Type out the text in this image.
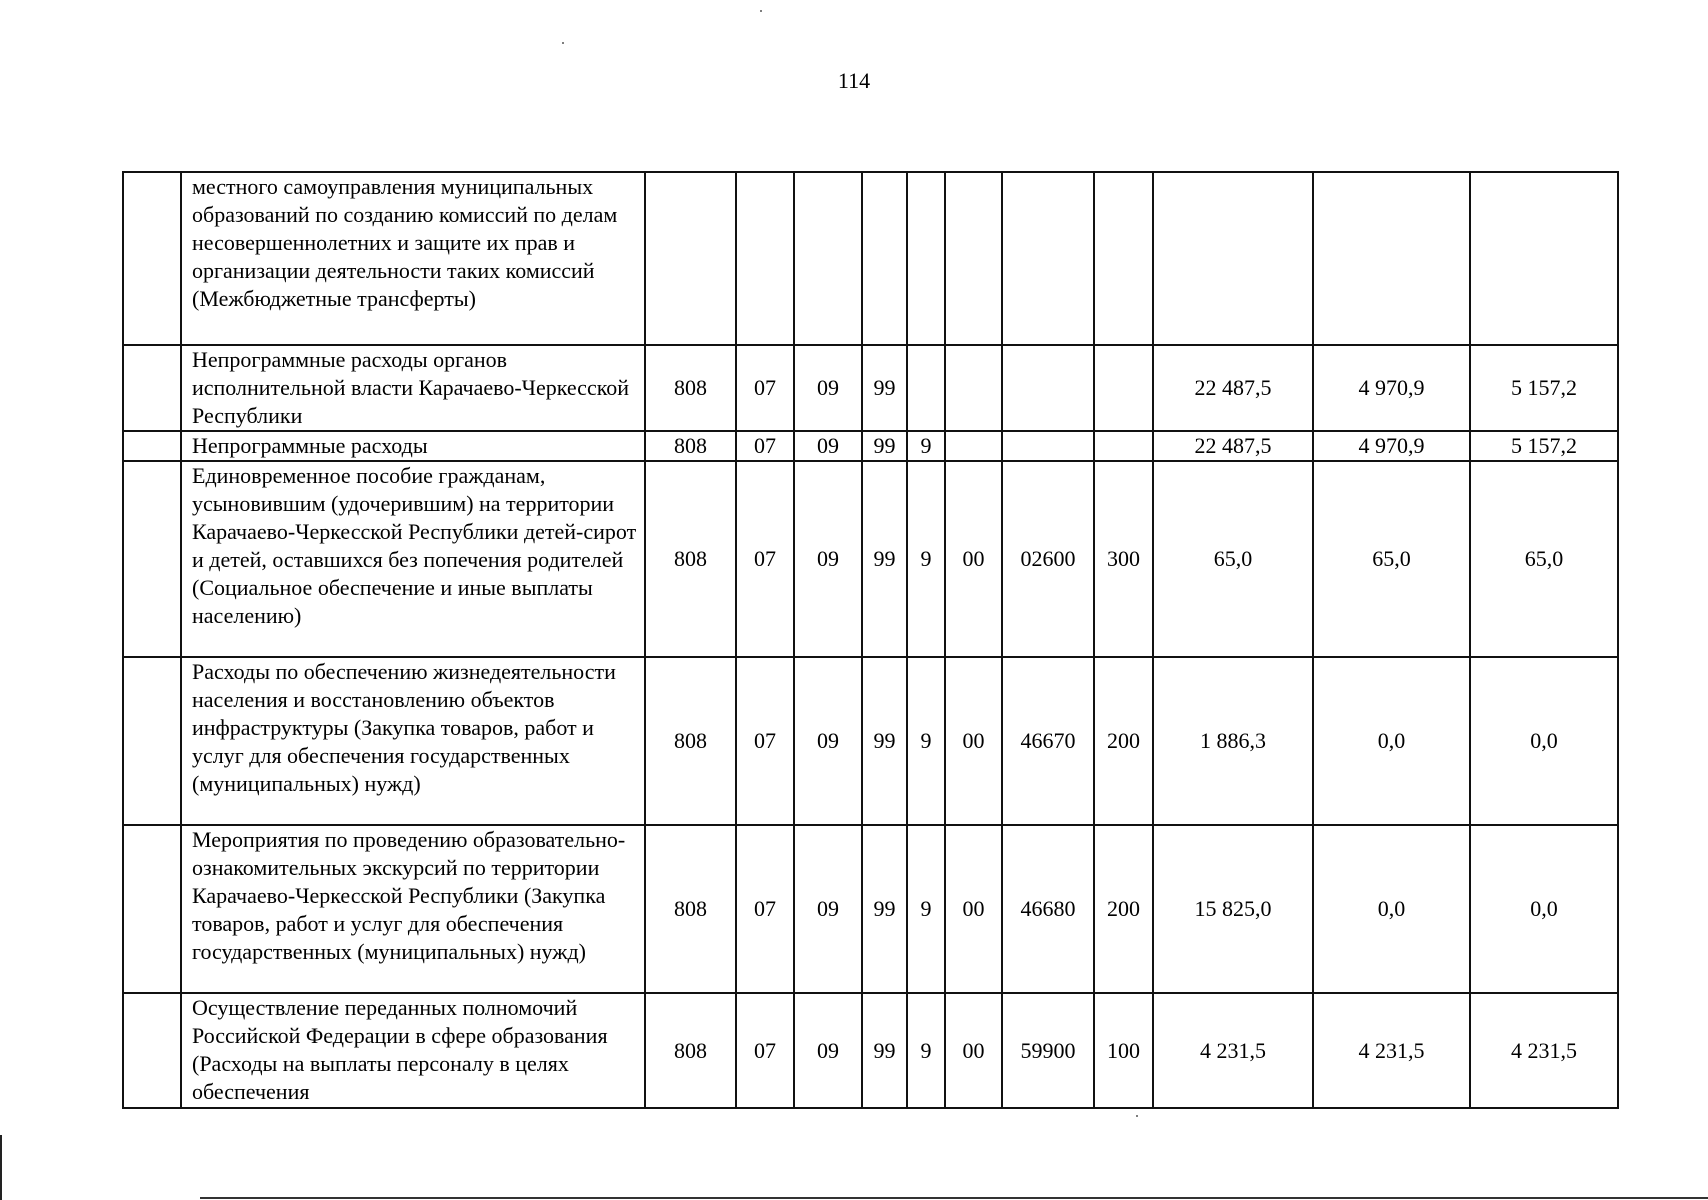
114
	местного самоуправления муниципальных образований по созданию комиссий по делам несовершеннолетних и защите их прав и организации деятельности таких комиссий (Межбюджетные трансферты)											
	Непрограммные расходы органов исполнительной власти Карачаево-Черкесской Республики	808	07	09	99					22 487,5	4 970,9	5 157,2
	Непрограммные расходы	808	07	09	99	9				22 487,5	4 970,9	5 157,2
	Единовременное пособие гражданам, усыновившим (удочерившим) на территории Карачаево-Черкесской Республики детей-сирот и детей, оставшихся без попечения родителей (Социальное обеспечение и иные выплаты населению)	808	07	09	99	9	00	02600	300	65,0	65,0	65,0
	Расходы по обеспечению жизнедеятельности населения и восстановлению объектов инфраструктуры (Закупка товаров, работ и услуг для обеспечения государственных (муниципальных) нужд)	808	07	09	99	9	00	46670	200	1 886,3	0,0	0,0
	Мероприятия по проведению образовательно-ознакомительных экскурсий по территории Карачаево-Черкесской Республики (Закупка товаров, работ и услуг для обеспечения государственных (муниципальных) нужд)	808	07	09	99	9	00	46680	200	15 825,0	0,0	0,0
	Осуществление переданных полномочий Российской Федерации в сфере образования (Расходы на выплаты персоналу в целях обеспечения	808	07	09	99	9	00	59900	100	4 231,5	4 231,5	4 231,5
